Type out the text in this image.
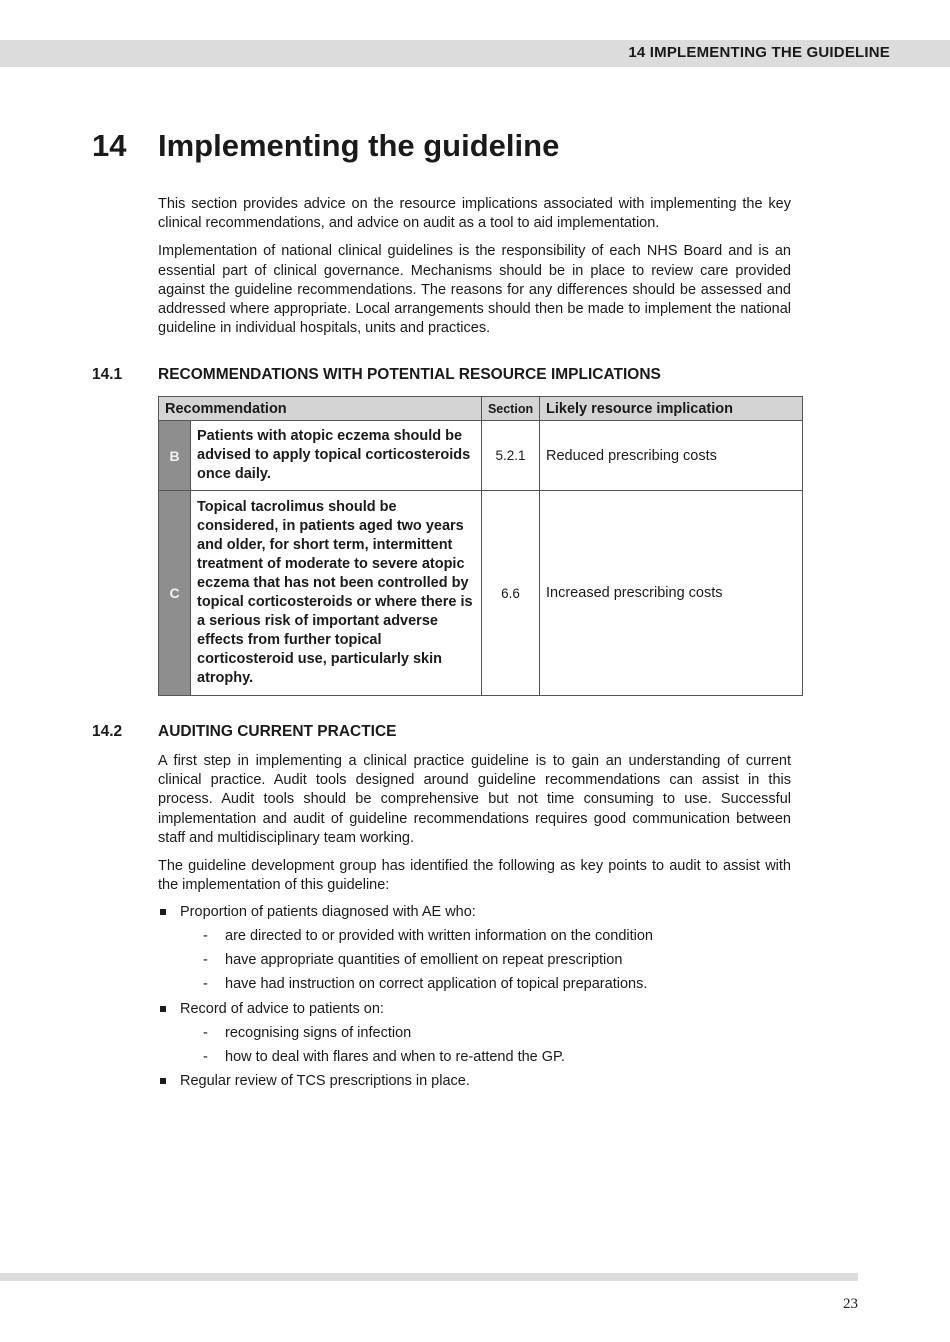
14 IMPLEMENTING THE GUIDELINE
14 Implementing the guideline

This section provides advice on the resource implications associated with implementing the key clinical recommendations, and advice on audit as a tool to aid implementation.

Implementation of national clinical guidelines is the responsibility of each NHS Board and is an essential part of clinical governance. Mechanisms should be in place to review care provided against the guideline recommendations. The reasons for any differences should be assessed and addressed where appropriate. Local arrangements should then be made to implement the national guideline in individual hospitals, units and practices.

14.1 RECOMMENDATIONS WITH POTENTIAL RESOURCE IMPLICATIONS
Recommendation		Section	Likely resource implication
B	Patients with atopic eczema should be advised to apply topical corticosteroids once daily.	5.2.1	Reduced prescribing costs
C	Topical tacrolimus should be considered, in patients aged two years and older, for short term, intermittent treatment of moderate to severe atopic eczema that has not been controlled by topical corticosteroids or where there is a serious risk of important adverse effects from further topical corticosteroid use, particularly skin atrophy.	6.6	Increased prescribing costs
14.2 AUDITING CURRENT PRACTICE

A first step in implementing a clinical practice guideline is to gain an understanding of current clinical practice. Audit tools designed around guideline recommendations can assist in this process. Audit tools should be comprehensive but not time consuming to use. Successful implementation and audit of guideline recommendations requires good communication between staff and multidisciplinary team working.

The guideline development group has identified the following as key points to audit to assist with the implementation of this guideline:

Proportion of patients diagnosed with AE who:
- are directed to or provided with written information on the condition
- have appropriate quantities of emollient on repeat prescription
- have had instruction on correct application of topical preparations.
Record of advice to patients on:
- recognising signs of infection
- how to deal with flares and when to re-attend the GP.
Regular review of TCS prescriptions in place.
23
